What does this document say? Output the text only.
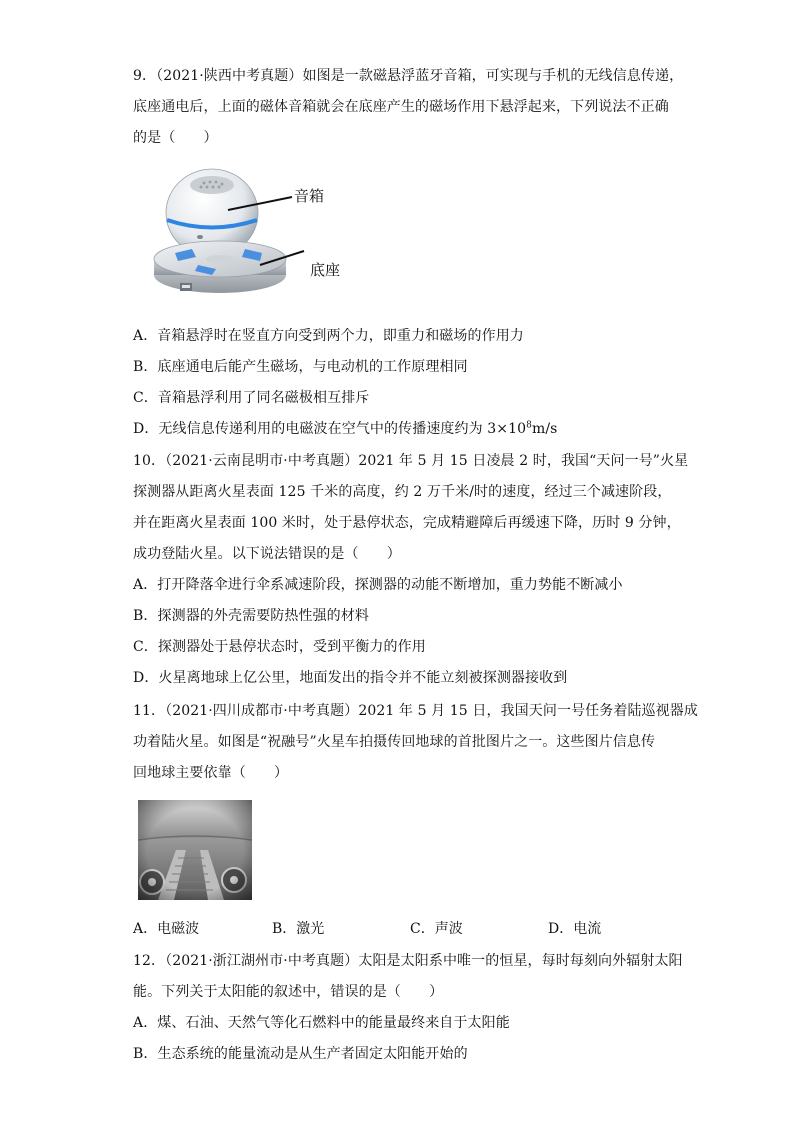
9．（2021·陕西中考真题）如图是一款磁悬浮蓝牙音箱，可实现与手机的无线信息传递，
底座通电后，上面的磁体音箱就会在底座产生的磁场作用下悬浮起来，下列说法不正确
的是（　　）
音箱
底座
A．音箱悬浮时在竖直方向受到两个力，即重力和磁场的作用力
B．底座通电后能产生磁场，与电动机的工作原理相同
C．音箱悬浮利用了同名磁极相互排斥
D．无线信息传递利用的电磁波在空气中的传播速度约为 $3\times 10^8m/s$
10．（2021·云南昆明市·中考真题）2021 年 5 月 15 日凌晨 2 时，我国“天问一号”火星
探测器从距离火星表面 125 千米的高度，约 2 万千米/时的速度，经过三个减速阶段，
并在距离火星表面 100 米时，处于悬停状态，完成精避障后再缓速下降，历时 9 分钟，
成功登陆火星。以下说法错误的是（　　）
A．打开降落伞进行伞系减速阶段，探测器的动能不断增加，重力势能不断减小
B．探测器的外壳需要防热性强的材料
C．探测器处于悬停状态时，受到平衡力的作用
D．火星离地球上亿公里，地面发出的指令并不能立刻被探测器接收到
11．（2021·四川成都市·中考真题）2021 年 5 月 15 日，我国天问一号任务着陆巡视器成
功着陆火星。如图是“祝融号”火星车拍摄传回地球的首批图片之一。这些图片信息传
回地球主要依靠（　　）
A．电磁波	B．激光	C．声波	D．电流
12．（2021·浙江湖州市·中考真题）太阳是太阳系中唯一的恒星，每时每刻向外辐射太阳
能。下列关于太阳能的叙述中，错误的是（　　）
A．煤、石油、天然气等化石燃料中的能量最终来自于太阳能
B．生态系统的能量流动是从生产者固定太阳能开始的
